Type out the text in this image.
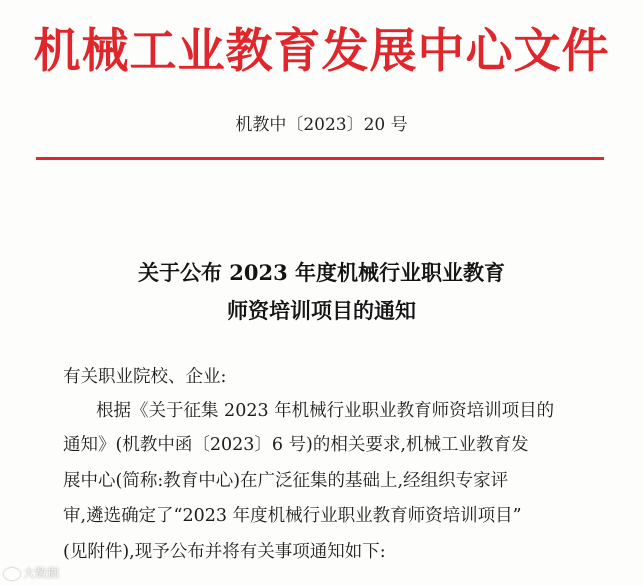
机械工业教育发展中心文件
机教中〔2023〕20 号
关于公布 2023 年度机械行业职业教育
师资培训项目的通知
有关职业院校、企业:
根据《关于征集 2023 年机械行业职业教育师资培训项目的
通知》(机教中函〔2023〕6 号)的相关要求,机械工业教育发
展中心(简称:教育中心)在广泛征集的基础上,经组织专家评
审,遴选确定了“2023 年度机械行业职业教育师资培训项目”
(见附件),现予公布并将有关事项通知如下:
大数据
